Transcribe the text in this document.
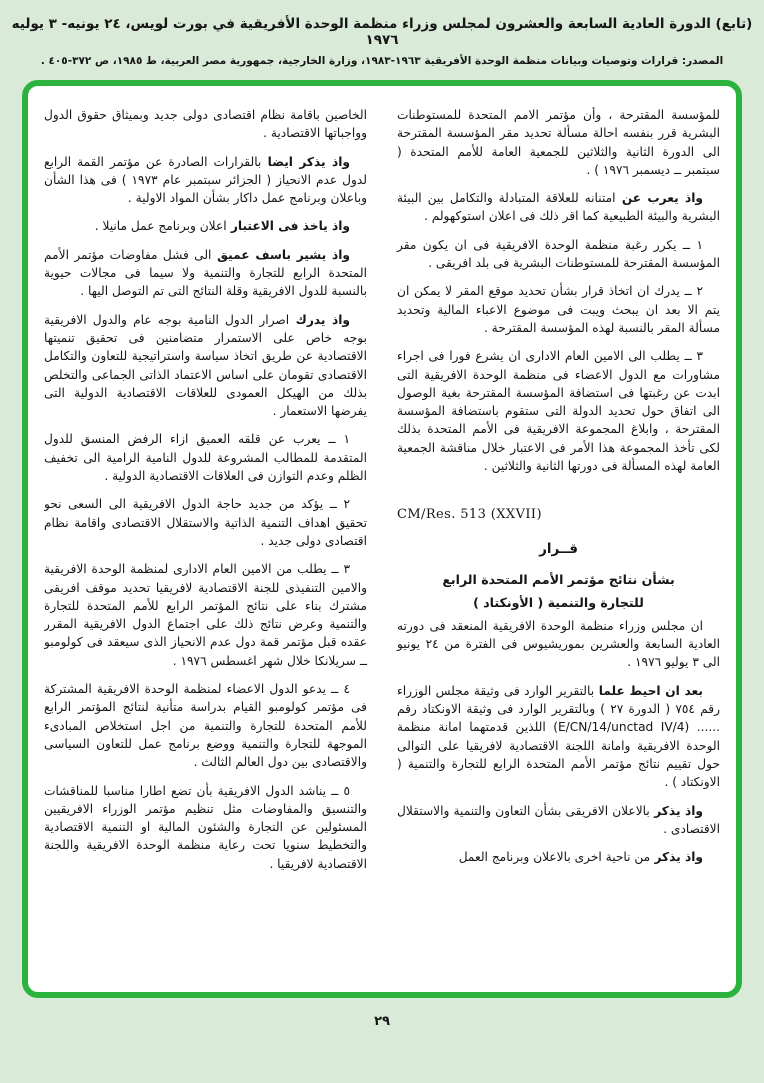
(تابع) الدورة العادية السابعة والعشرون لمجلس وزراء منظمة الوحدة الأفريقية في بورت لويس، ٢٤ يونيه- ٣ يوليه ١٩٧٦
المصدر: قرارات وتوصيات وبيانات منظمة الوحدة الأفريقية ١٩٦٣-١٩٨٣، وزارة الخارجية، جمهورية مصر العربية، ط ١٩٨٥، ص ٣٧٢-٤٠٥ .

للمؤسسة المقترحة ، وأن مؤتمر الامم المتحدة للمستوطنات البشرية قرر بنفسه احالة مسألة تحديد مقر المؤسسة المقترحة الى الدورة الثانية والثلاثين للجمعية العامة للأمم المتحدة ( سبتمبر ــ ديسمبر ١٩٧٦ ) .

واذ يعرب عن امتنانه للعلاقة المتبادلة والتكامل بين البيئة البشرية والبيئة الطبيعية كما اقر ذلك فى اعلان استوكهولم .

١ ــ يكرر رغبة منظمة الوحدة الافريقية فى ان يكون مقر المؤسسة المقترحة للمستوطنات البشرية فى بلد افريقى .

٢ ــ يدرك ان اتخاذ قرار بشأن تحديد موقع المقر لا يمكن ان يتم الا بعد ان يبحث ويبت فى موضوع الاعباء المالية وتحديد مسألة المقر بالنسبة لهذه المؤسسة المقترحة .

٣ ــ يطلب الى الامين العام الادارى ان يشرع فورا فى اجراء مشاورات مع الدول الاعضاء فى منظمة الوحدة الافريقية التى ابدت عن رغبتها فى استضافة المؤسسة المقترحة بغية الوصول الى اتفاق حول تحديد الدولة التى ستقوم باستضافة المؤسسة المقترحة ، وابلاغ المجموعة الافريقية فى الأمم المتحدة بذلك لكى تأخذ المجموعة هذا الأمر فى الاعتبار خلال مناقشة الجمعية العامة لهذه المسألة فى دورتها الثانية والثلاثين .

CM/Res. 513 (XXVII)

قــرار

بشأن نتائج مؤتمر الأمم المتحدة الرابع

للتجارة والتنمية ( الأونكتاد )

ان مجلس وزراء منظمة الوحدة الافريقية المنعقد فى دورته العادية السابعة والعشرين بموريشيوس فى الفترة من ٢٤ يونيو الى ٣ يوليو ١٩٧٦ .

بعد ان احيط علما بالتقرير الوارد فى وثيقة مجلس الوزراء رقم ٧٥٤ ( الدورة ٢٧ ) وبالتقرير الوارد فى وثيقة الاونكتاد رقم ...... (E/CN/14/unctad IV/4) اللذين قدمتهما امانة منظمة الوحدة الافريقية وامانة اللجنة الاقتصادية لافريقيا على التوالى حول تقييم نتائج مؤتمر الأمم المتحدة الرابع للتجارة والتنمية ( الاونكتاد ) .

واذ يذكر بالاعلان الافريقى بشأن التعاون والتنمية والاستقلال الاقتصادى .

واذ يذكر من ناحية اخرى بالاعلان وبرنامج العمل

الخاصين باقامة نظام اقتصادى دولى جديد وبميثاق حقوق الدول وواجباتها الاقتصادية .

واذ يذكر ايضا بالقرارات الصادرة عن مؤتمر القمة الرابع لدول عدم الانحياز ( الجزائر سبتمبر عام ١٩٧٣ ) فى هذا الشأن وباعلان وبرنامج عمل داكار بشأن المواد الاولية .

واذ ياخذ فى الاعتبار اعلان وبرنامج عمل مانيلا .

واذ يشير باسف عميق الى فشل مفاوضات مؤتمر الأمم المتحدة الرابع للتجارة والتنمية ولا سيما فى مجالات حيوية بالنسبة للدول الافريقية وقلة النتائج التى تم التوصل اليها .

واذ يدرك اصرار الدول النامية بوجه عام والدول الافريقية بوجه خاص على الاستمرار متضامنين فى تحقيق تنميتها الاقتصادية عن طريق اتخاذ سياسة واستراتيجية للتعاون والتكامل الاقتصادى تقومان على اساس الاعتماد الذاتى الجماعى والتخلص بذلك من الهيكل العمودى للعلاقات الاقتصادية الدولية التى يفرضها الاستعمار .

١ ــ يعرب عن قلقه العميق ازاء الرفض المنسق للدول المتقدمة للمطالب المشروعة للدول النامية الرامية الى تخفيف الظلم وعدم التوازن فى العلاقات الاقتصادية الدولية .

٢ ــ يؤكد من جديد حاجة الدول الافريقية الى السعى نحو تحقيق اهداف التنمية الذاتية والاستقلال الاقتصادى واقامة نظام اقتصادى دولى جديد .

٣ ــ يطلب من الامين العام الادارى لمنظمة الوحدة الافريقية والامين التنفيذى للجنة الاقتصادية لافريقيا تحديد موقف افريقى مشترك بناء على نتائج المؤتمر الرابع للأمم المتحدة للتجارة والتنمية وعرض نتائج ذلك على اجتماع الدول الافريقية المقرر عقده قبل مؤتمر قمة دول عدم الانحياز الذى سيعقد فى كولومبو ــ سريلانكا خلال شهر اغسطس ١٩٧٦ .

٤ ــ يدعو الدول الاعضاء لمنظمة الوحدة الافريقية المشتركة فى مؤتمر كولومبو القيام بدراسة متأنية لنتائج المؤتمر الرابع للأمم المتحدة للتجارة والتنمية من اجل استخلاص المبادىء الموجهة للتجارة والتنمية ووضع برنامج عمل للتعاون السياسى والاقتصادى بين دول العالم الثالث .

٥ ــ يناشد الدول الافريقية بأن تضع اطارا مناسبا للمناقشات والتنسيق والمفاوضات مثل تنظيم مؤتمر الوزراء الافريقيين المسئولين عن التجارة والشئون المالية او التنمية الاقتصادية والتخطيط سنويا تحت رعاية منظمة الوحدة الافريقية واللجنة الاقتصادية لافريقيا .

٢٩
